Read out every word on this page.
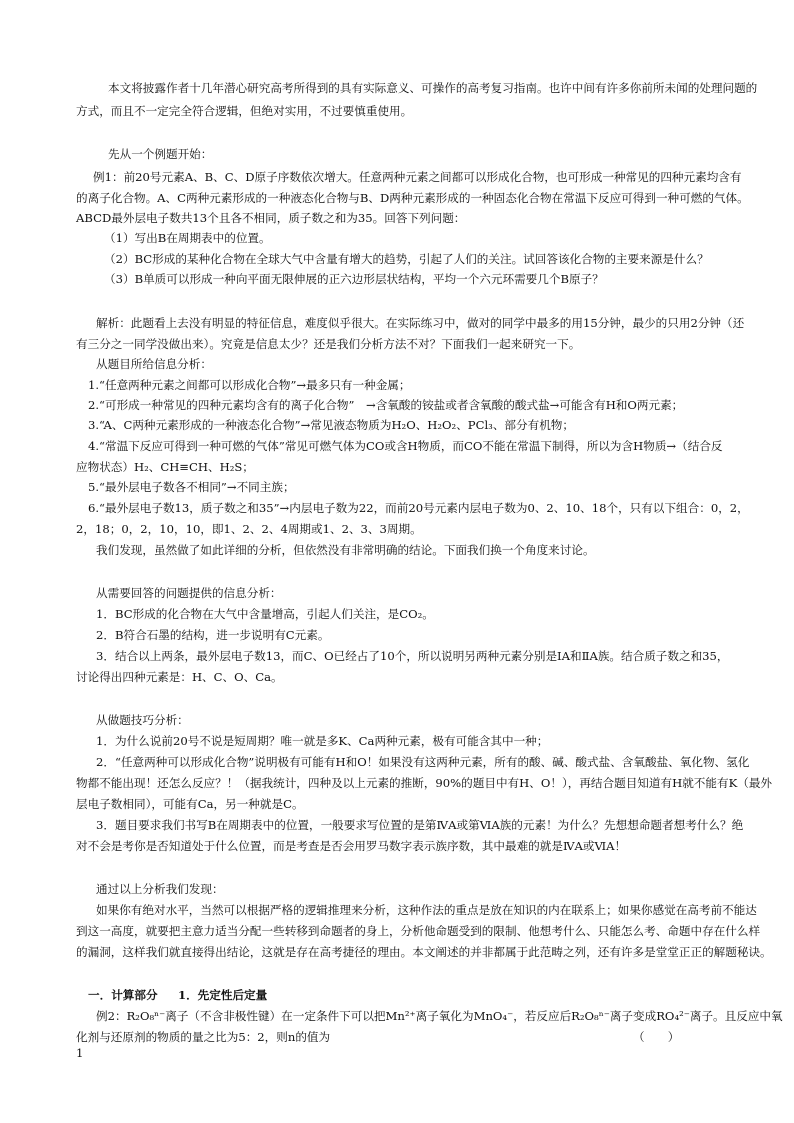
本文将披露作者十几年潜心研究高考所得到的具有实际意义、可操作的高考复习指南。也许中间有许多你前所未闻的处理问题的
方式，而且不一定完全符合逻辑，但绝对实用，不过要慎重使用。
先从一个例题开始：
例1：前20号元素A、B、C、D原子序数依次增大。任意两种元素之间都可以形成化合物，也可形成一种常见的四种元素均含有
的离子化合物。A、C两种元素形成的一种液态化合物与B、D两种元素形成的一种固态化合物在常温下反应可得到一种可燃的气体。
ABCD最外层电子数共13个且各不相同，质子数之和为35。回答下列问题：
（1）写出B在周期表中的位置。
（2）BC形成的某种化合物在全球大气中含量有增大的趋势，引起了人们的关注。试回答该化合物的主要来源是什么？
（3）B单质可以形成一种向平面无限伸展的正六边形层状结构，平均一个六元环需要几个B原子？
解析：此题看上去没有明显的特征信息，难度似乎很大。在实际练习中，做对的同学中最多的用15分钟，最少的只用2分钟（还
有三分之一同学没做出来）。究竟是信息太少？还是我们分析方法不对？下面我们一起来研究一下。
从题目所给信息分析：
1.“任意两种元素之间都可以形成化合物”→最多只有一种金属；
2.“可形成一种常见的四种元素均含有的离子化合物”　→含氧酸的铵盐或者含氧酸的酸式盐→可能含有H和O两元素；
3.“A、C两种元素形成的一种液态化合物”→常见液态物质为H₂O、H₂O₂、PCl₃、部分有机物；
4.“常温下反应可得到一种可燃的气体”常见可燃气体为CO或含H物质，而CO不能在常温下制得，所以为含H物质→（结合反
应物状态）H₂、CH≡CH、H₂S；
5.“最外层电子数各不相同”→不同主族；
6.“最外层电子数13，质子数之和35”→内层电子数为22，而前20号元素内层电子数为0、2、10、18个，只有以下组合：0，2，
2，18；0，2，10，10，即1、2、2、4周期或1、2、3、3周期。
我们发现，虽然做了如此详细的分析，但依然没有非常明确的结论。下面我们换一个角度来讨论。
从需要回答的问题提供的信息分析：
1．BC形成的化合物在大气中含量增高，引起人们关注，是CO₂。
2．B符合石墨的结构，进一步说明有C元素。
3．结合以上两条，最外层电子数13，而C、O已经占了10个，所以说明另两种元素分别是ⅠA和ⅡA族。结合质子数之和35，
讨论得出四种元素是：H、C、O、Ca。
从做题技巧分析：
1．为什么说前20号不说是短周期？唯一就是多K、Ca两种元素，极有可能含其中一种；
2．“任意两种可以形成化合物”说明极有可能有H和O！如果没有这两种元素，所有的酸、碱、酸式盐、含氧酸盐、氧化物、氢化
物都不能出现！还怎么反应？！（据我统计，四种及以上元素的推断，90%的题目中有H、O！），再结合题目知道有H就不能有K（最外
层电子数相同），可能有Ca，另一种就是C。
3．题目要求我们书写B在周期表中的位置，一般要求写位置的是第ⅣA或第ⅥA族的元素！为什么？先想想命题者想考什么？绝
对不会是考你是否知道处于什么位置，而是考查是否会用罗马数字表示族序数，其中最难的就是ⅣA或ⅥA！
通过以上分析我们发现：
如果你有绝对水平，当然可以根据严格的逻辑推理来分析，这种作法的重点是放在知识的内在联系上；如果你感觉在高考前不能达
到这一高度，就要把主意力适当分配一些转移到命题者的身上，分析他命题受到的限制、他想考什么、只能怎么考、命题中存在什么样
的漏洞，这样我们就直接得出结论，这就是存在高考捷径的理由。本文阐述的并非都属于此范畴之列，还有许多是堂堂正正的解题秘诀。
一．计算部分 1．先定性后定量
例2：R₂O₈ⁿ⁻离子（不含非极性键）在一定条件下可以把Mn²⁺离子氧化为MnO₄⁻，若反应后R₂O₈ⁿ⁻离子变成RO₄²⁻离子。且反应中氧
化剂与还原剂的物质的量之比为5：2，则n的值为	（　　）
1
